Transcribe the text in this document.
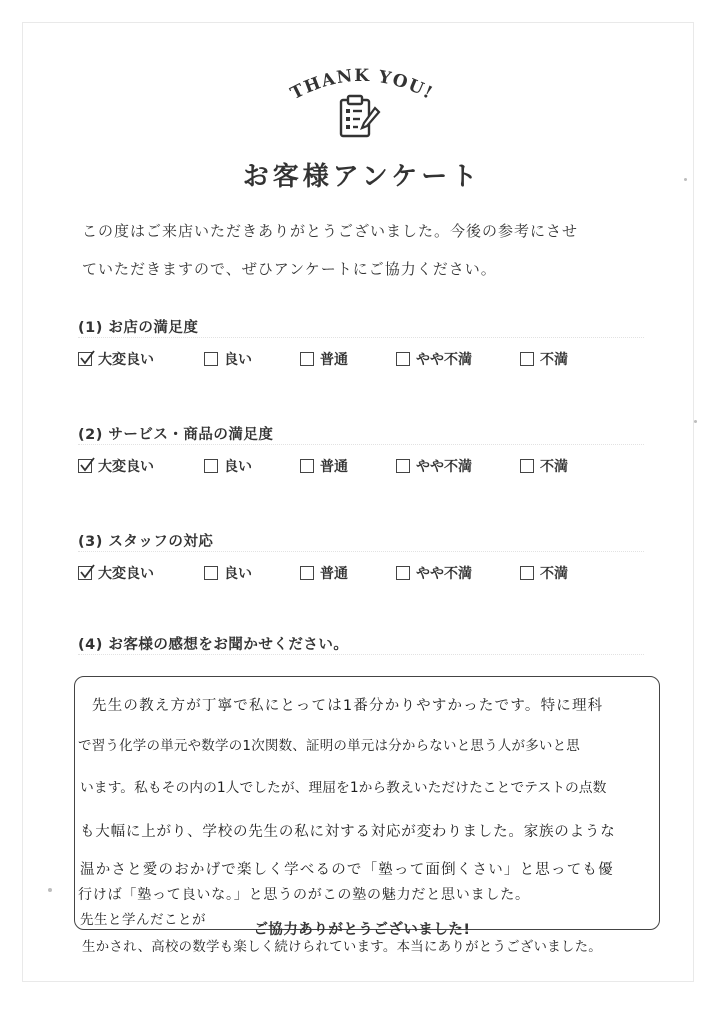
THANK YOU!
お客様アンケート
この度はご来店いただきありがとうございました。今後の参考にさせ
ていただきますので、ぜひアンケートにご協力ください。
(1) お店の満足度
大変良い	良い	普通	やや不満	不満
(2) サービス・商品の満足度
大変良い	良い	普通	やや不満	不満
(3) スタッフの対応
大変良い	良い	普通	やや不満	不満
(4) お客様の感想をお聞かせください。
先生の教え方が丁寧で私にとっては1番分かりやすかったです。特に理科
で習う化学の単元や数学の1次関数、証明の単元は分からないと思う人が多いと思
います。私もその内の1人でしたが、理屈を1から教えいただけたことでテストの点数
も大幅に上がり、学校の先生の私に対する対応が変わりました。家族のような
温かさと愛のおかげで楽しく学べるので「塾って面倒くさい」と思っても優
行けば「塾って良いな。」と思うのがこの塾の魅力だと思いました。
先生と学んだことが
ご協力ありがとうございました!
生かされ、高校の数学も楽しく続けられています。本当にありがとうございました。
